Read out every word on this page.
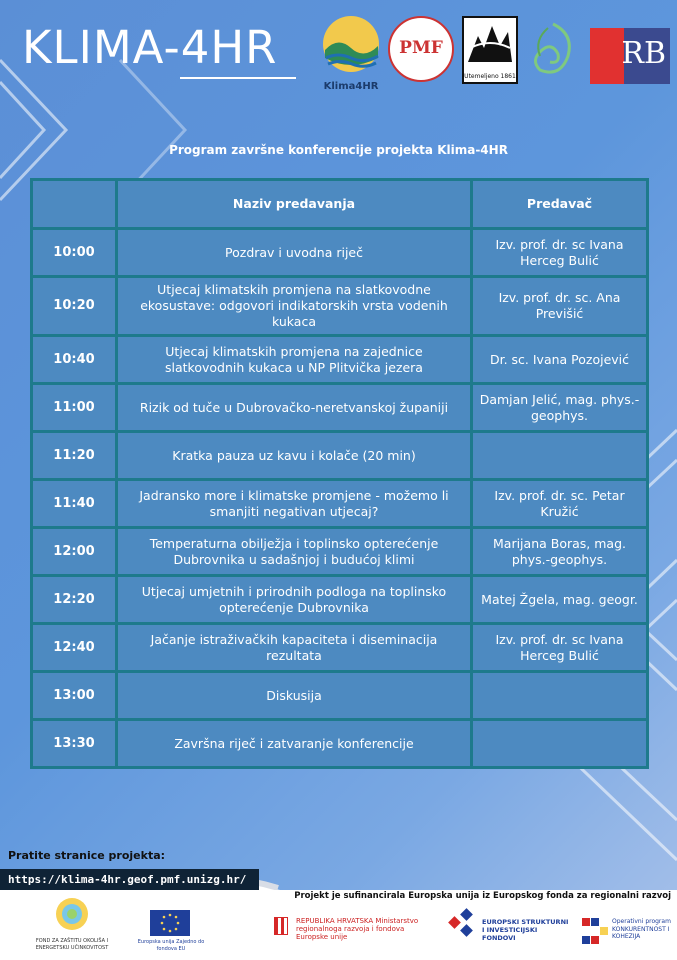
KLIMA-4HR
Klima4HR
PMF
Utemeljeno 1861
RB
Program završne konferencije projekta Klima-4HR
	Naziv predavanja	Predavač
10:00	Pozdrav i uvodna riječ	Izv. prof. dr. sc Ivana Herceg Bulić
10:20	Utjecaj klimatskih promjena na slatkovodne ekosustave: odgovori indikatorskih vrsta vodenih kukaca	Izv. prof. dr. sc. Ana Previšić
10:40	Utjecaj klimatskih promjena na zajednice slatkovodnih kukaca u NP Plitvička jezera	Dr. sc. Ivana Pozojević
11:00	Rizik od tuče u Dubrovačko-neretvanskoj županiji	Damjan Jelić, mag. phys.-geophys.
11:20	Kratka pauza uz kavu i kolače (20 min)	
11:40	Jadransko more i klimatske promjene - možemo li smanjiti negativan utjecaj?	Izv. prof. dr. sc. Petar Kružić
12:00	Temperaturna obilježja i toplinsko opterećenje Dubrovnika u sadašnjoj i budućoj klimi	Marijana Boras, mag. phys.-geophys.
12:20	Utjecaj umjetnih i prirodnih podloga na toplinsko opterećenje Dubrovnika	Matej Žgela, mag. geogr.
12:40	Jačanje istraživačkih kapaciteta i diseminacija rezultata	Izv. prof. dr. sc Ivana Herceg Bulić
13:00	Diskusija	
13:30	Završna riječ i zatvaranje konferencije	
Pratite stranice projekta:
https://klima-4hr.geof.pmf.unizg.hr/
Projekt je sufinancirala Europska unija iz Europskog fonda za regionalni razvoj
FOND ZA ZAŠTITU OKOLIŠA I ENERGETSKU UČINKOVITOST
Europska unija Zajedno do fondova EU
REPUBLIKA HRVATSKA Ministarstvo regionalnoga razvoja i fondova Europske unije
EUROPSKI STRUKTURNI I INVESTICIJSKI FONDOVI
Operativni program KONKURENTNOST I KOHEZIJA
